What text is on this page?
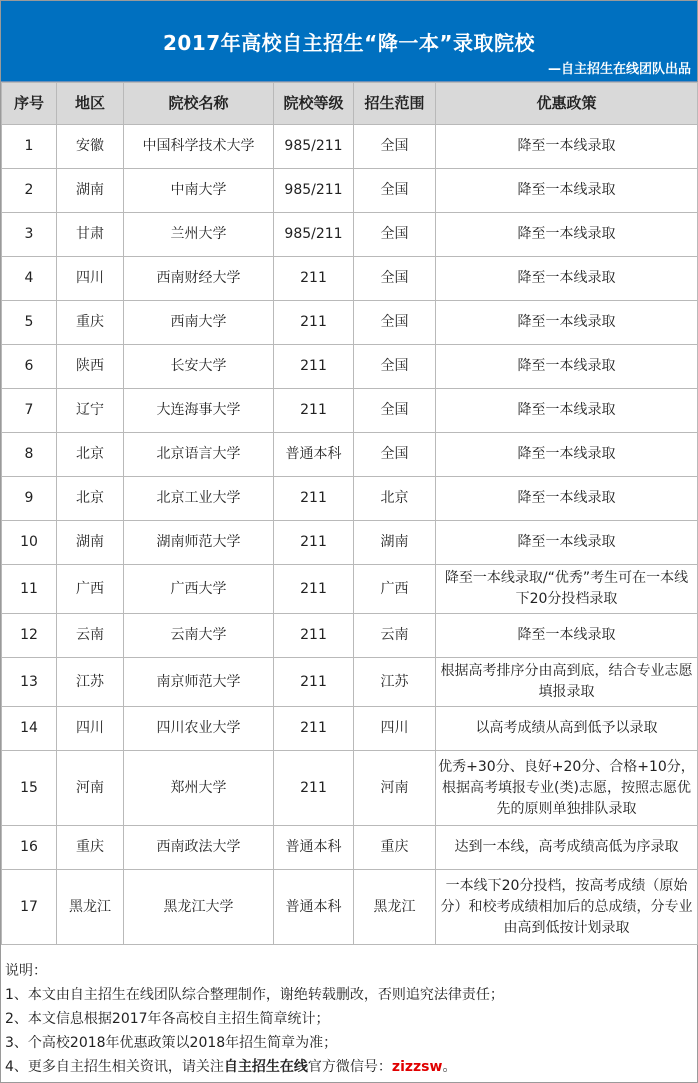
2017年高校自主招生“降一本”录取院校
—自主招生在线团队出品
序号	地区	院校名称	院校等级	招生范围	优惠政策
1	安徽	中国科学技术大学	985/211	全国	降至一本线录取
2	湖南	中南大学	985/211	全国	降至一本线录取
3	甘肃	兰州大学	985/211	全国	降至一本线录取
4	四川	西南财经大学	211	全国	降至一本线录取
5	重庆	西南大学	211	全国	降至一本线录取
6	陕西	长安大学	211	全国	降至一本线录取
7	辽宁	大连海事大学	211	全国	降至一本线录取
8	北京	北京语言大学	普通本科	全国	降至一本线录取
9	北京	北京工业大学	211	北京	降至一本线录取
10	湖南	湖南师范大学	211	湖南	降至一本线录取
11	广西	广西大学	211	广西	降至一本线录取/“优秀”考生可在一本线下20分投档录取
12	云南	云南大学	211	云南	降至一本线录取
13	江苏	南京师范大学	211	江苏	根据高考排序分由高到底，结合专业志愿填报录取
14	四川	四川农业大学	211	四川	以高考成绩从高到低予以录取
15	河南	郑州大学	211	河南	优秀+30分、良好+20分、合格+10分，根据高考填报专业(类)志愿，按照志愿优先的原则单独排队录取
16	重庆	西南政法大学	普通本科	重庆	达到一本线，高考成绩高低为序录取
17	黑龙江	黑龙江大学	普通本科	黑龙江	一本线下20分投档，按高考成绩（原始分）和校考成绩相加后的总成绩，分专业由高到低按计划录取
说明：
1、本文由自主招生在线团队综合整理制作，谢绝转载删改，否则追究法律责任；
2、本文信息根据2017年各高校自主招生简章统计；
3、个高校2018年优惠政策以2018年招生简章为准；
4、更多自主招生相关资讯，请关注自主招生在线官方微信号：zizzsw。
